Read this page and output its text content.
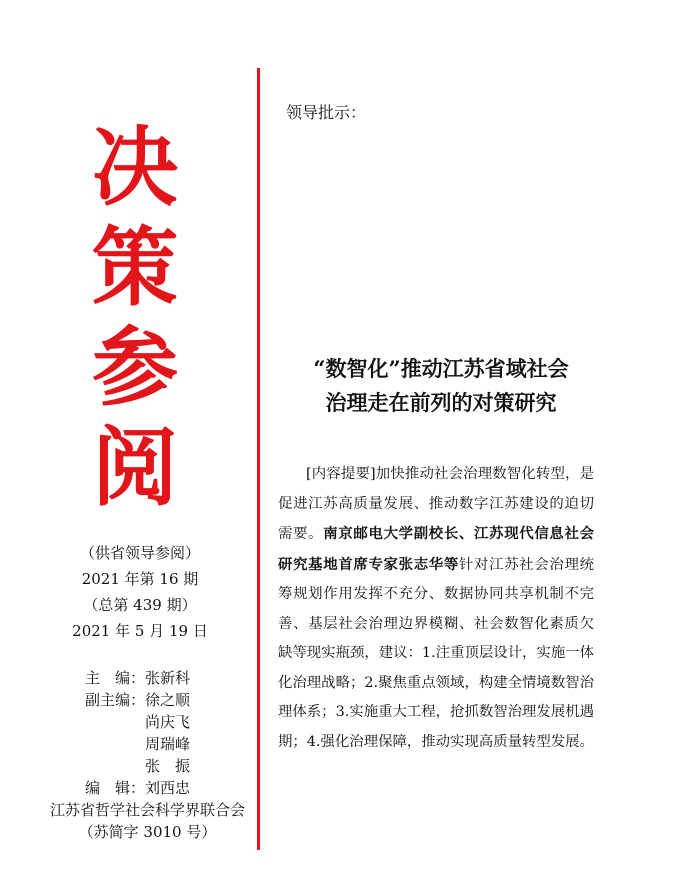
决
策
参
阅
（供省领导参阅）
2021 年第 16 期
（总第 439 期）
2021 年 5 月 19 日
主　编： 张新科
副主编： 徐之顺
尚庆飞
周瑞峰
张　振
编　辑： 刘西忠
江苏省哲学社会科学界联合会
（苏简字 3010 号）
领导批示：
“数智化”推动江苏省域社会
治理走在前列的对策研究
[内容提要]加快推动社会治理数智化转型，是促进江苏高质量发展、推动数字江苏建设的迫切需要。南京邮电大学副校长、江苏现代信息社会研究基地首席专家张志华等针对江苏社会治理统筹规划作用发挥不充分、数据协同共享机制不完善、基层社会治理边界模糊、社会数智化素质欠缺等现实瓶颈，建议：1.注重顶层设计，实施一体化治理战略；2.聚焦重点领域，构建全情境数智治理体系；3.实施重大工程，抢抓数智治理发展机遇期；4.强化治理保障，推动实现高质量转型发展。
